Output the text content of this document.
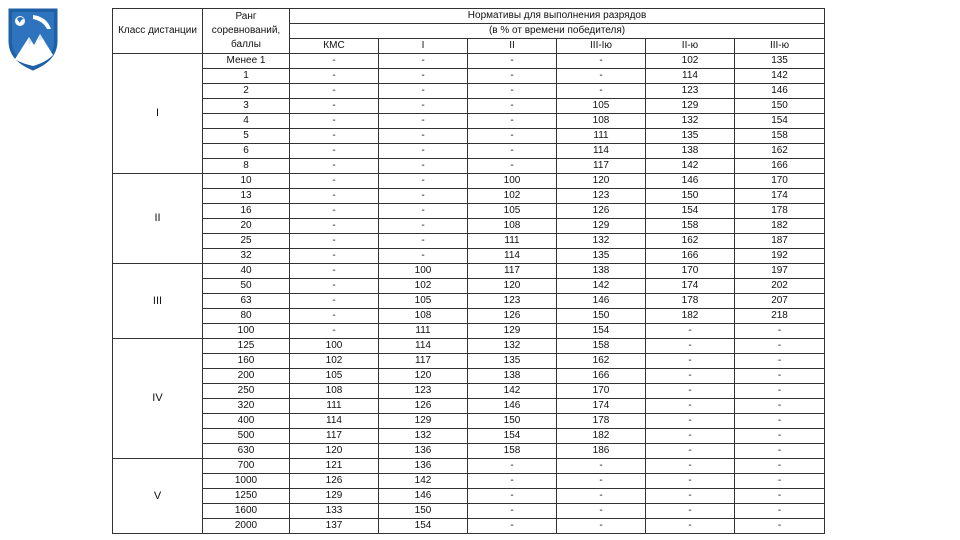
Класс дистанции	Ранг
соревнований,
баллы	Нормативы для выполнения разрядов					
		(в % от времени победителя)					
		КМС	I	II	III-Ію	II-ю	III-ю
I	Менее 1	-	-	-	-	102	135
	1	-	-	-	-	114	142
	2	-	-	-	-	123	146
	3	-	-	-	105	129	150
	4	-	-	-	108	132	154
	5	-	-	-	111	135	158
	6	-	-	-	114	138	162
	8	-	-	-	117	142	166
II	10	-	-	100	120	146	170
	13	-	-	102	123	150	174
	16	-	-	105	126	154	178
	20	-	-	108	129	158	182
	25	-	-	111	132	162	187
	32	-	-	114	135	166	192
III	40	-	100	117	138	170	197
	50	-	102	120	142	174	202
	63	-	105	123	146	178	207
	80	-	108	126	150	182	218
	100	-	111	129	154	-	-
IV	125	100	114	132	158	-	-
	160	102	117	135	162	-	-
	200	105	120	138	166	-	-
	250	108	123	142	170	-	-
	320	111	126	146	174	-	-
	400	114	129	150	178	-	-
	500	117	132	154	182	-	-
	630	120	136	158	186	-	-
V	700	121	136	-	-	-	-
	1000	126	142	-	-	-	-
	1250	129	146	-	-	-	-
	1600	133	150	-	-	-	-
	2000	137	154	-	-	-	-
